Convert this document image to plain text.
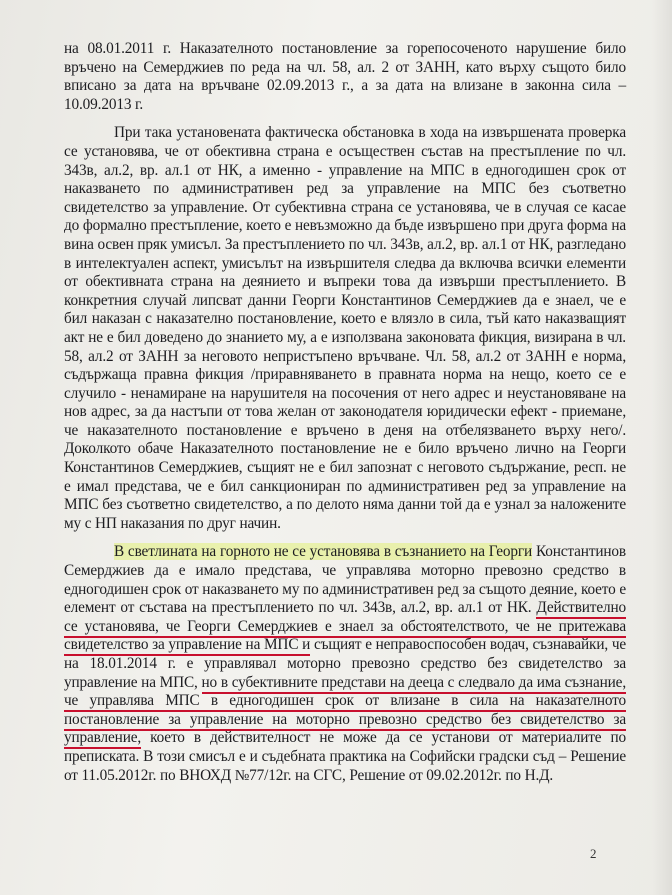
на 08.01.2011 г. Наказателното постановление за горепосоченото нарушение било връчено на Семерджиев по реда на чл. 58, ал. 2 от ЗАНН, като върху същото било вписано за дата на връчване 02.09.2013 г., а за дата на влизане в законна сила – 10.09.2013 г.

При така установената фактическа обстановка в хода на извършената проверка се установява, че от обективна страна е осъществен състав на престъпление по чл. 343в, ал.2, вр. ал.1 от НК, а именно - управление на МПС в едногодишен срок от наказването по административен ред за управление на МПС без съответно свидетелство за управление. От субективна страна се установява, че в случая се касае до формално престъпление, което е невъзможно да бъде извършено при друга форма на вина освен пряк умисъл. За престъплението по чл. 343в, ал.2, вр. ал.1 от НК, разгледано в интелектуален аспект, умисълът на извършителя следва да включва всички елементи от обективната страна на деянието и въпреки това да извърши престъплението. В конкретния случай липсват данни Георги Константинов Семерджиев да е знаел, че е бил наказан с наказателно постановление, което е влязло в сила, тъй като наказващият акт не е бил доведено до знанието му, а е използвана законовата фикция, визирана в чл. 58, ал.2 от ЗАНН за неговото непристъпено връчване. Чл. 58, ал.2 от ЗАНН е норма, съдържаща правна фикция /приравняването в правната норма на нещо, което се е случило - ненамиране на нарушителя на посочения от него адрес и неустановяване на нов адрес, за да настъпи от това желан от законодателя юридически ефект - приемане, че наказателното постановление е връчено в деня на отбелязването върху него/. Доколкото обаче Наказателното постановление не е било връчено лично на Георги Константинов Семерджиев, същият не е бил запознат с неговото съдържание, респ. не е имал представа, че е бил санкциониран по административен ред за управление на МПС без съответно свидетелство, а по делото няма данни той да е узнал за наложените му с НП наказания по друг начин.

В светлината на горното не се установява в съзнанието на Георги Константинов Семерджиев да е имало представа, че управлява моторно превозно средство в едногодишен срок от наказването му по административен ред за същото деяние, което е елемент от състава на престъплението по чл. 343в, ал.2, вр. ал.1 от НК. Действително се установява, че Георги Семерджиев е знаел за обстоятелството, че не притежава свидетелство за управление на МПС и същият е неправоспособен водач, съзнавайки, че на 18.01.2014 г. е управлявал моторно превозно средство без свидетелство за управление на МПС, но в субективните представи на дееца с следвало да има съзнание, че управлява МПС в едногодишен срок от влизане в сила на наказателното постановление за управление на моторно превозно средство без свидетелство за управление, което в действителност не може да се установи от материалите по преписката. В този смисъл е и съдебната практика на Софийски градски съд – Решение от 11.05.2012г. по ВНОХД №77/12г. на СГС, Решение от 09.02.2012г. по Н.Д.

2
